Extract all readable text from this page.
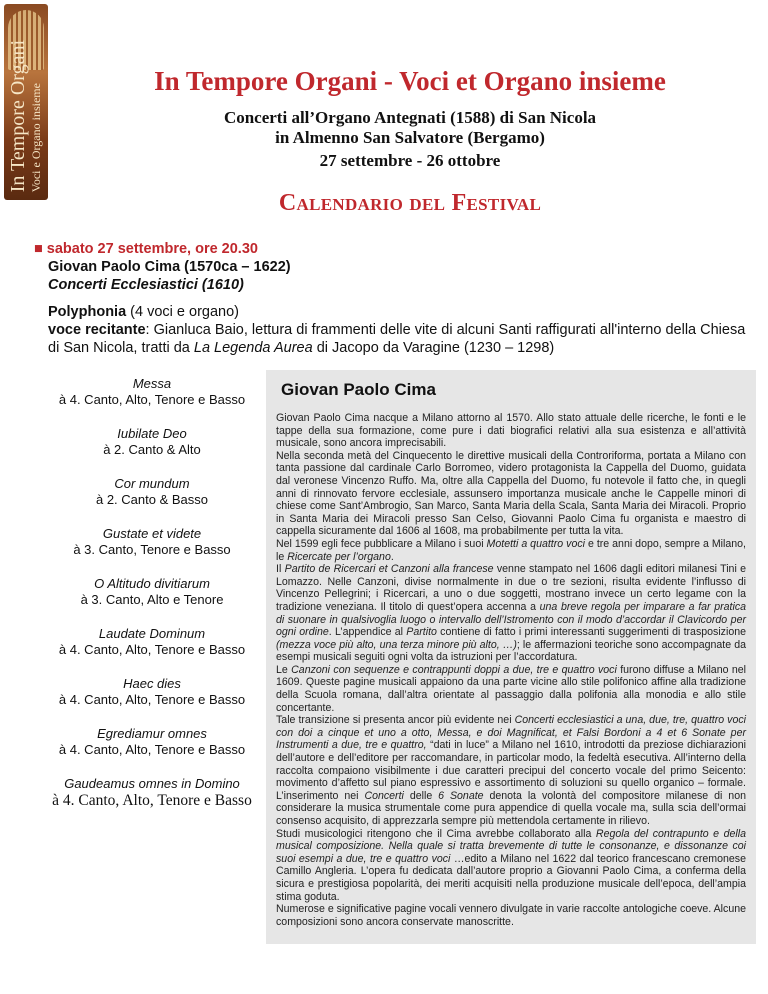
In Tempore Organi
Voci e Organo insieme
In Tempore Organi - Voci et Organo insieme
Concerti all’Organo Antegnati (1588) di San Nicola
in Almenno San Salvatore (Bergamo)
27 settembre - 26 ottobre
Calendario del Festival
■ sabato 27 settembre, ore 20.30
Giovan Paolo Cima (1570ca – 1622)
Concerti Ecclesiastici (1610)
Polyphonia (4 voci e organo)
voce recitante: Gianluca Baio, lettura di frammenti delle vite di alcuni Santi raffigurati all'interno della Chiesa di San Nicola, tratti da La Legenda Aurea di Jacopo da Varagine (1230 – 1298)
Messa
à 4. Canto, Alto, Tenore e Basso
Iubilate Deo
à 2. Canto & Alto
Cor mundum
à 2. Canto & Basso
Gustate et videte
à 3. Canto, Tenore e Basso
O Altitudo divitiarum
à 3. Canto, Alto e Tenore
Laudate Dominum
à 4. Canto, Alto, Tenore e Basso
Haec dies
à 4. Canto, Alto, Tenore e Basso
Egrediamur omnes
à 4. Canto, Alto, Tenore e Basso
Gaudeamus omnes in Domino
à 4. Canto, Alto, Tenore e Basso
Giovan Paolo Cima
Giovan Paolo Cima nacque a Milano attorno al 1570. Allo stato attuale delle ricerche, le fonti e le tappe della sua formazione, come pure i dati biografici relativi alla sua esistenza e all’attività musicale, sono ancora imprecisabili.
Nella seconda metà del Cinquecento le direttive musicali della Controriforma, portata a Milano con tanta passione dal cardinale Carlo Borromeo, videro protagonista la Cappella del Duomo, guidata dal veronese Vincenzo Ruffo. Ma, oltre alla Cappella del Duomo, fu notevole il fatto che, in quegli anni di rinnovato fervore ecclesiale, assunsero importanza musicale anche le Cappelle minori di chiese come Sant’Ambrogio, San Marco, Santa Maria della Scala, Santa Maria dei Miracoli. Proprio in Santa Maria dei Miracoli presso San Celso, Giovanni Paolo Cima fu organista e maestro di cappella sicuramente dal 1606 al 1608, ma probabilmente per tutta la vita.
Nel 1599 egli fece pubblicare a Milano i suoi Motetti a quattro voci e tre anni dopo, sempre a Milano, le Ricercate per l’organo.
Il Partito de Ricercari et Canzoni alla francese venne stampato nel 1606 dagli editori milanesi Tini e Lomazzo. Nelle Canzoni, divise normalmente in due o tre sezioni, risulta evidente l’influsso di Vincenzo Pellegrini; i Ricercari, a uno o due soggetti, mostrano invece un certo legame con la tradizione veneziana. Il titolo di quest’opera accenna a una breve regola per imparare a far pratica di suonare in qualsivoglia luogo o intervallo dell’Istromento con il modo d’accordar il Clavicordo per ogni ordine. L’appendice al Partito contiene di fatto i primi interessanti suggerimenti di trasposizione (mezza voce più alto, una terza minore più alto, …); le affermazioni teoriche sono accompagnate da esempi musicali seguiti ogni volta da istruzioni per l’accordatura.
Le Canzoni con sequenze e contrappunti doppi a due, tre e quattro voci furono diffuse a Milano nel 1609. Queste pagine musicali appaiono da una parte vicine allo stile polifonico affine alla tradizione della Scuola romana, dall’altra orientate al passaggio dalla polifonia alla monodia e allo stile concertante.
Tale transizione si presenta ancor più evidente nei Concerti ecclesiastici a una, due, tre, quattro voci con doi a cinque et uno a otto, Messa, e doi Magnificat, et Falsi Bordoni a 4 et 6 Sonate per Instrumenti a due, tre e quattro, “dati in luce” a Milano nel 1610, introdotti da preziose dichiarazioni dell’autore e dell’editore per raccomandare, in particolar modo, la fedeltà esecutiva. All’interno della raccolta compaiono visibilmente i due caratteri precipui del concerto vocale del primo Seicento: movimento d’affetto sul piano espressivo e assortimento di soluzioni su quello organico – formale. L’inserimento nei Concerti delle 6 Sonate denota la volontà del compositore milanese di non considerare la musica strumentale come pura appendice di quella vocale ma, sulla scia dell’ormai consenso acquisito, di apprezzarla sempre più mettendola certamente in rilievo.
Studi musicologici ritengono che il Cima avrebbe collaborato alla Regola del contrapunto e della musical composizione. Nella quale si tratta brevemente di tutte le consonanze, e dissonanze coi suoi esempi a due, tre e quattro voci …edito a Milano nel 1622 dal teorico francescano cremonese Camillo Angleria. L’opera fu dedicata dall’autore proprio a Giovanni Paolo Cima, a conferma della sicura e prestigiosa popolarità, dei meriti acquisiti nella produzione musicale dell’epoca, dell’ampia stima goduta.
Numerose e significative pagine vocali vennero divulgate in varie raccolte antologiche coeve. Alcune composizioni sono ancora conservate manoscritte.
